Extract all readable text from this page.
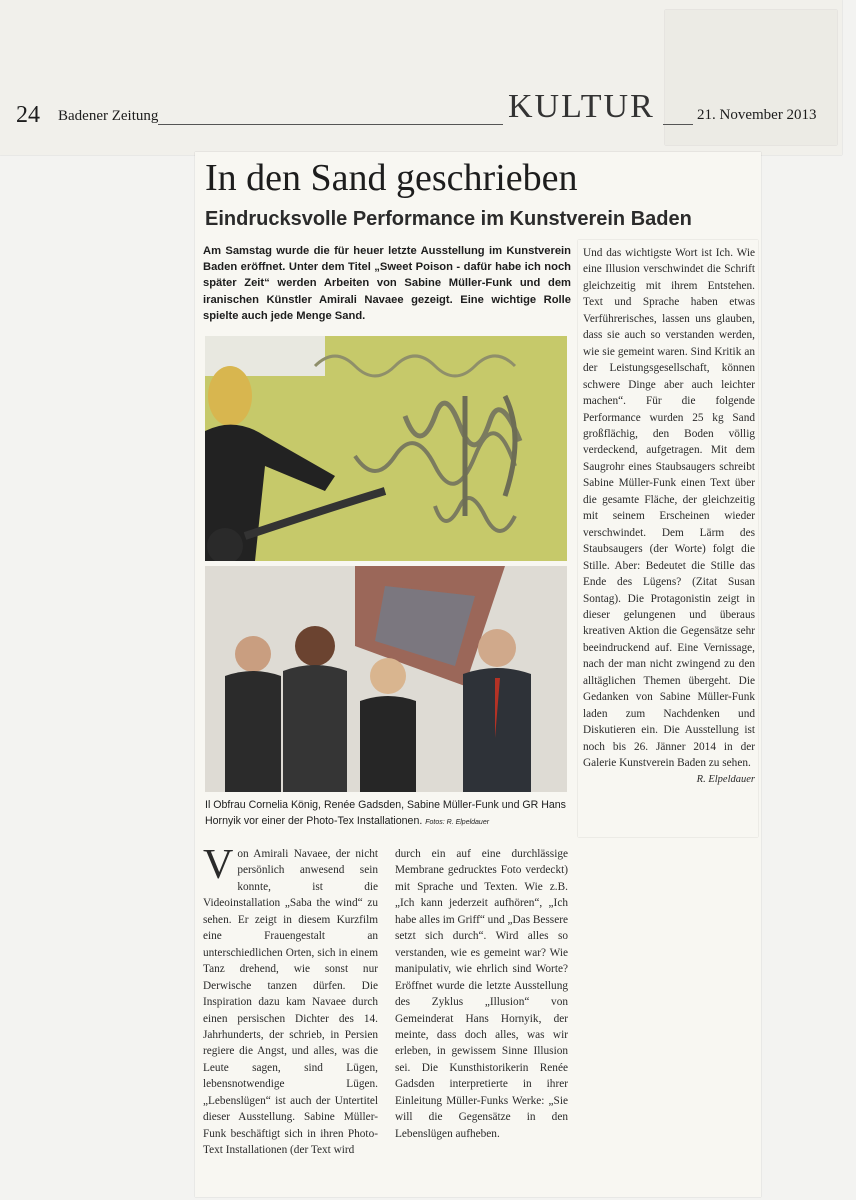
24 Badener Zeitung	KULTUR	21. November 2013
In den Sand geschrieben
Eindrucksvolle Performance im Kunstverein Baden
Am Samstag wurde die für heuer letzte Ausstellung im Kunstverein Baden eröffnet. Unter dem Titel „Sweet Poison - dafür habe ich noch später Zeit“ werden Arbeiten von Sabine Müller-Funk und dem iranischen Künstler Amirali Navaee gezeigt. Eine wichtige Rolle spielte auch jede Menge Sand.
Il Obfrau Cornelia König, Renée Gadsden, Sabine Müller-Funk und GR Hans Hornyik vor einer der Photo-Tex Installationen. Fotos: R. Elpeldauer
Und das wichtigste Wort ist Ich. Wie eine Illusion verschwindet die Schrift gleichzeitig mit ihrem Entstehen. Text und Sprache haben etwas Verführerisches, lassen uns glauben, dass sie auch so verstanden werden, wie sie gemeint waren. Sind Kritik an der Leistungsgesellschaft, können schwere Dinge aber auch leichter machen“. Für die folgende Performance wurden 25 kg Sand großflächig, den Boden völlig verdeckend, aufgetragen. Mit dem Saugrohr eines Staubsaugers schreibt Sabine Müller-Funk einen Text über die gesamte Fläche, der gleichzeitig mit seinem Erscheinen wieder verschwindet. Dem Lärm des Staubsaugers (der Worte) folgt die Stille. Aber: Bedeutet die Stille das Ende des Lügens? (Zitat Susan Sontag). Die Protagonistin zeigt in dieser gelungenen und überaus kreativen Aktion die Gegensätze sehr beeindruckend auf. Eine Vernissage, nach der man nicht zwingend zu den alltäglichen Themen übergeht. Die Gedanken von Sabine Müller-Funk laden zum Nachdenken und Diskutieren ein. Die Ausstellung ist noch bis 26. Jänner 2014 in der Galerie Kunstverein Baden zu sehen.
R. Elpeldauer
V on Amirali Navaee, der nicht persönlich anwesend sein konnte, ist die Videoinstallation „Saba the wind“ zu sehen. Er zeigt in diesem Kurzfilm eine Frauengestalt an unterschiedlichen Orten, sich in einem Tanz drehend, wie sonst nur Derwische tanzen dürfen. Die Inspiration dazu kam Navaee durch einen persischen Dichter des 14. Jahrhunderts, der schrieb, in Persien regiere die Angst, und alles, was die Leute sagen, sind Lügen, lebensnotwendige Lügen. „Lebenslügen“ ist auch der Untertitel dieser Ausstellung. Sabine Müller-Funk beschäftigt sich in ihren Photo-Text Installationen (der Text wird
durch ein auf eine durchlässige Membrane gedrucktes Foto verdeckt) mit Sprache und Texten. Wie z.B. „Ich kann jederzeit aufhören“, „Ich habe alles im Griff“ und „Das Bessere setzt sich durch“. Wird alles so verstanden, wie es gemeint war? Wie manipulativ, wie ehrlich sind Worte? Eröffnet wurde die letzte Ausstellung des Zyklus „Illusion“ von Gemeinderat Hans Hornyik, der meinte, dass doch alles, was wir erleben, in gewissem Sinne Illusion sei. Die Kunsthistorikerin Renée Gadsden interpretierte in ihrer Einleitung Müller-Funks Werke: „Sie will die Gegensätze in den Lebenslügen aufheben.
